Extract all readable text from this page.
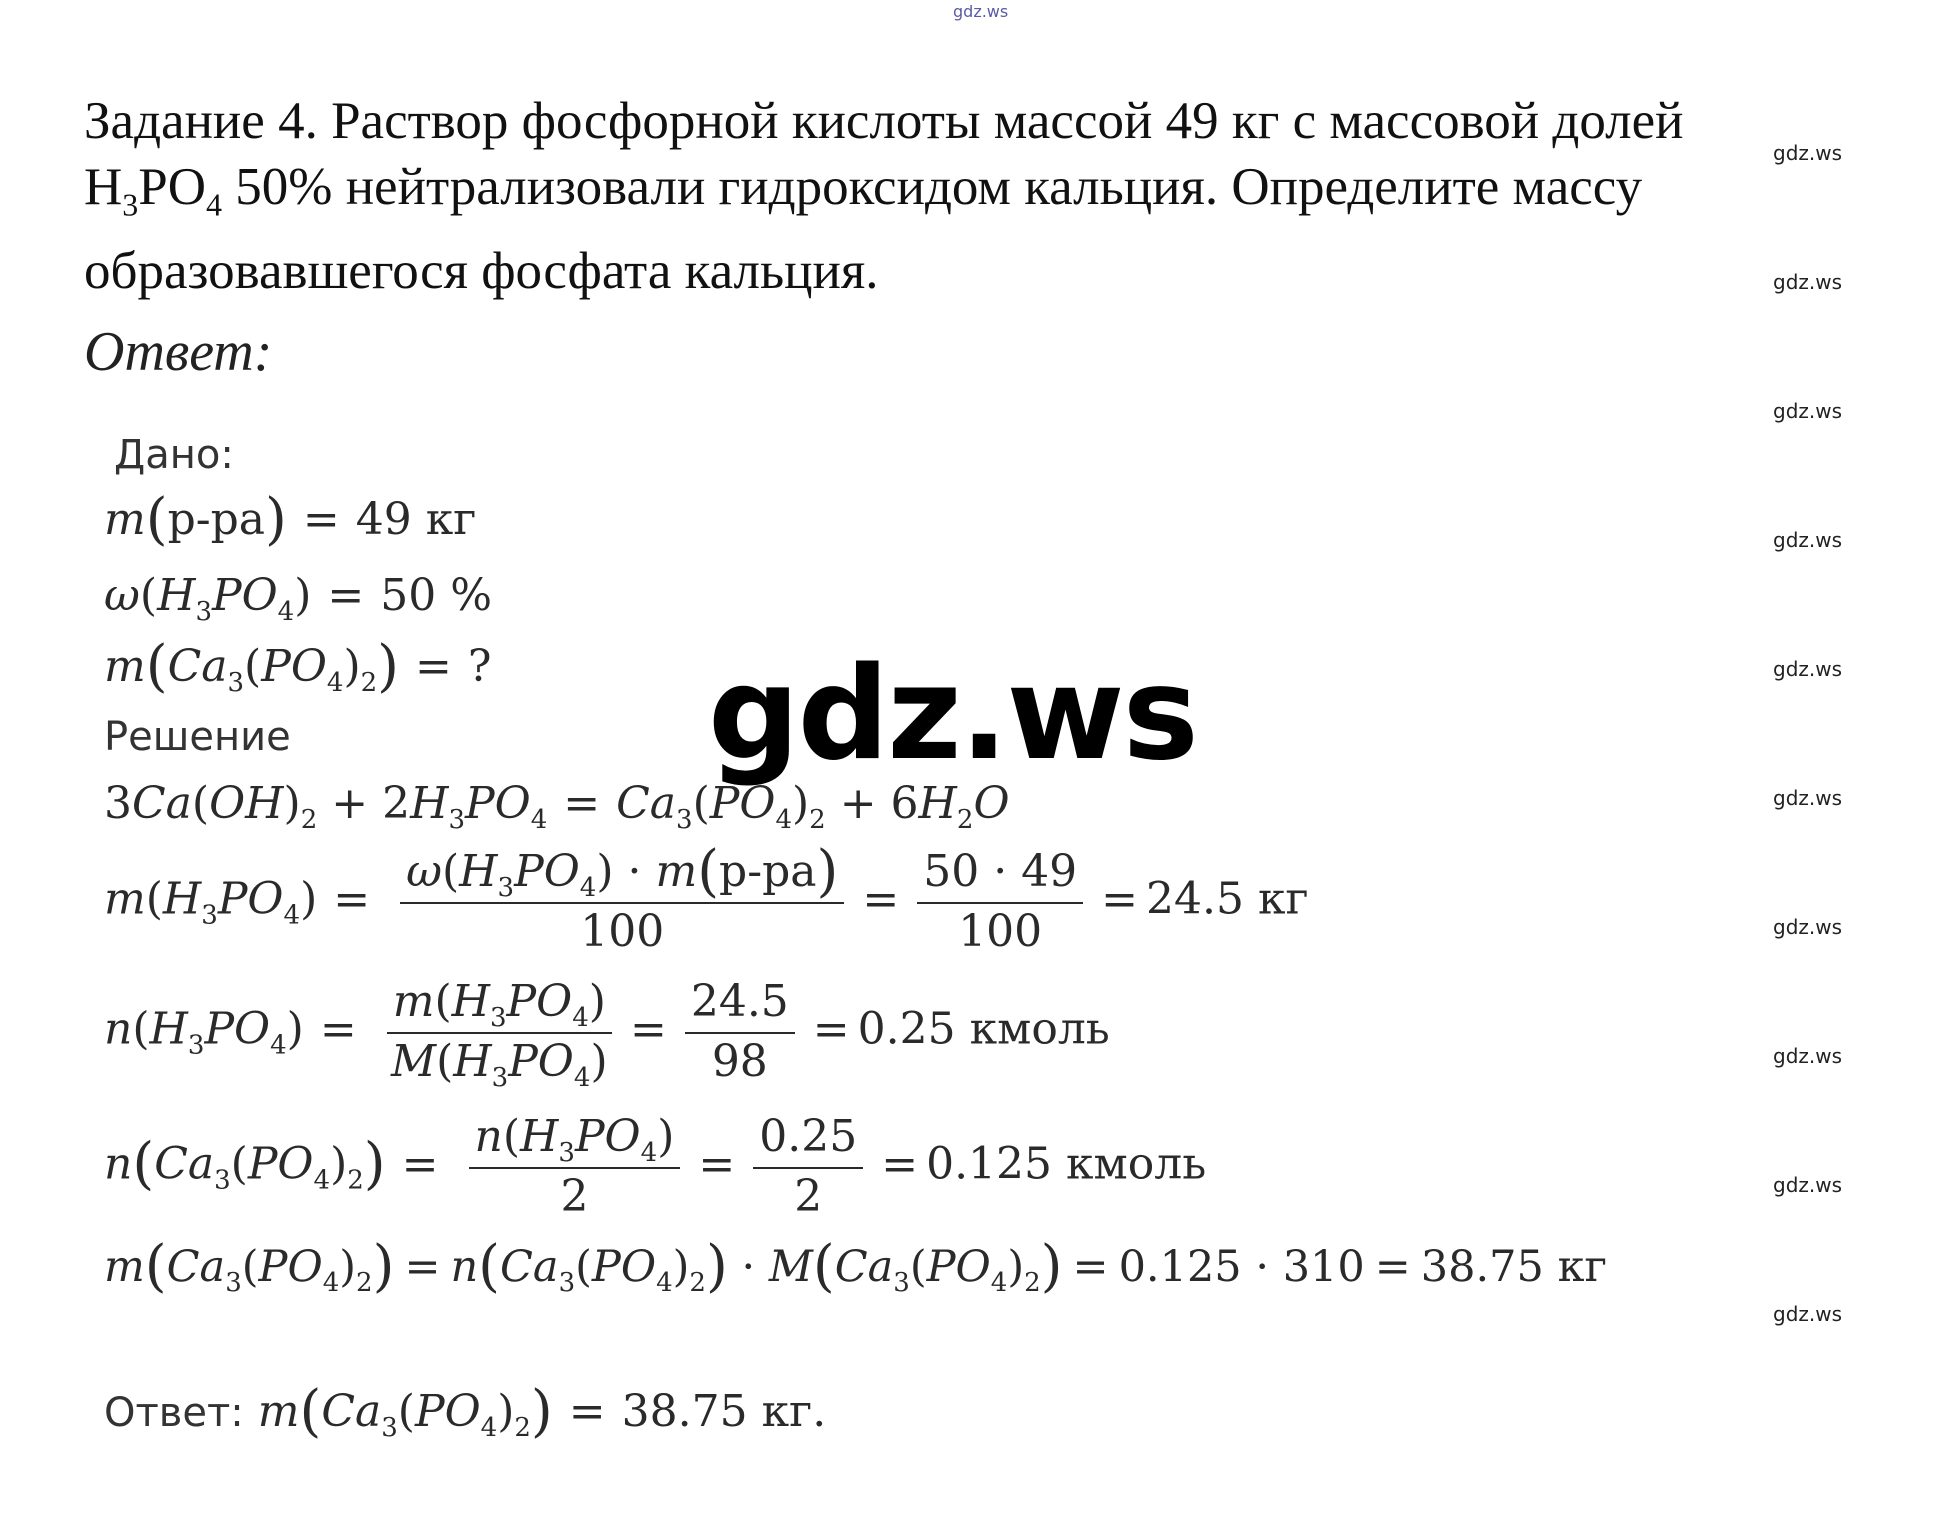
gdz.ws
Задание 4. Раствор фосфорной кислоты массой 49 кг с массовой долей
$H_3PO_4$ 50% нейтрализовали гидроксидом кальция. Определите массу
образовавшегося фосфата кальция.
Ответ:
Дано:
m(р-ра) = 49 кг
$\omega(H_3PO_4) = 50$ %
$m(Ca_3(PO_4)_2)$ = ?
Решение
$3Ca(OH)_2 + 2H_3PO_4 = Ca_3(PO_4)_2 + 6H_2O$
$m(H_3PO_4) = \frac{\omega(H_3PO_4) \cdot m(р-ра)}{100} = \frac{50 \cdot 49}{100} = 24.5$ кг
$n(H_3PO_4) = \frac{m(H_3PO_4)}{M(H_3PO_4)} = \frac{24.5}{98} = 0.25$ кмоль
$n(Ca_3(PO_4)_2) = \frac{n(H_3PO_4)}{2} = \frac{0.25}{2} = 0.125$ кмоль
$m(Ca_3(PO_4)_2) = n(Ca_3(PO_4)_2) \cdot M(Ca_3(PO_4)_2) = 0.125 \cdot 310 = 38.75$ кг
Ответ: $m(Ca_3(PO_4)_2) = 38.75$ кг.
gdz.ws
gdz.ws
gdz.ws
gdz.ws
gdz.ws
gdz.ws
gdz.ws
gdz.ws
gdz.ws
gdz.ws
gdz.ws
